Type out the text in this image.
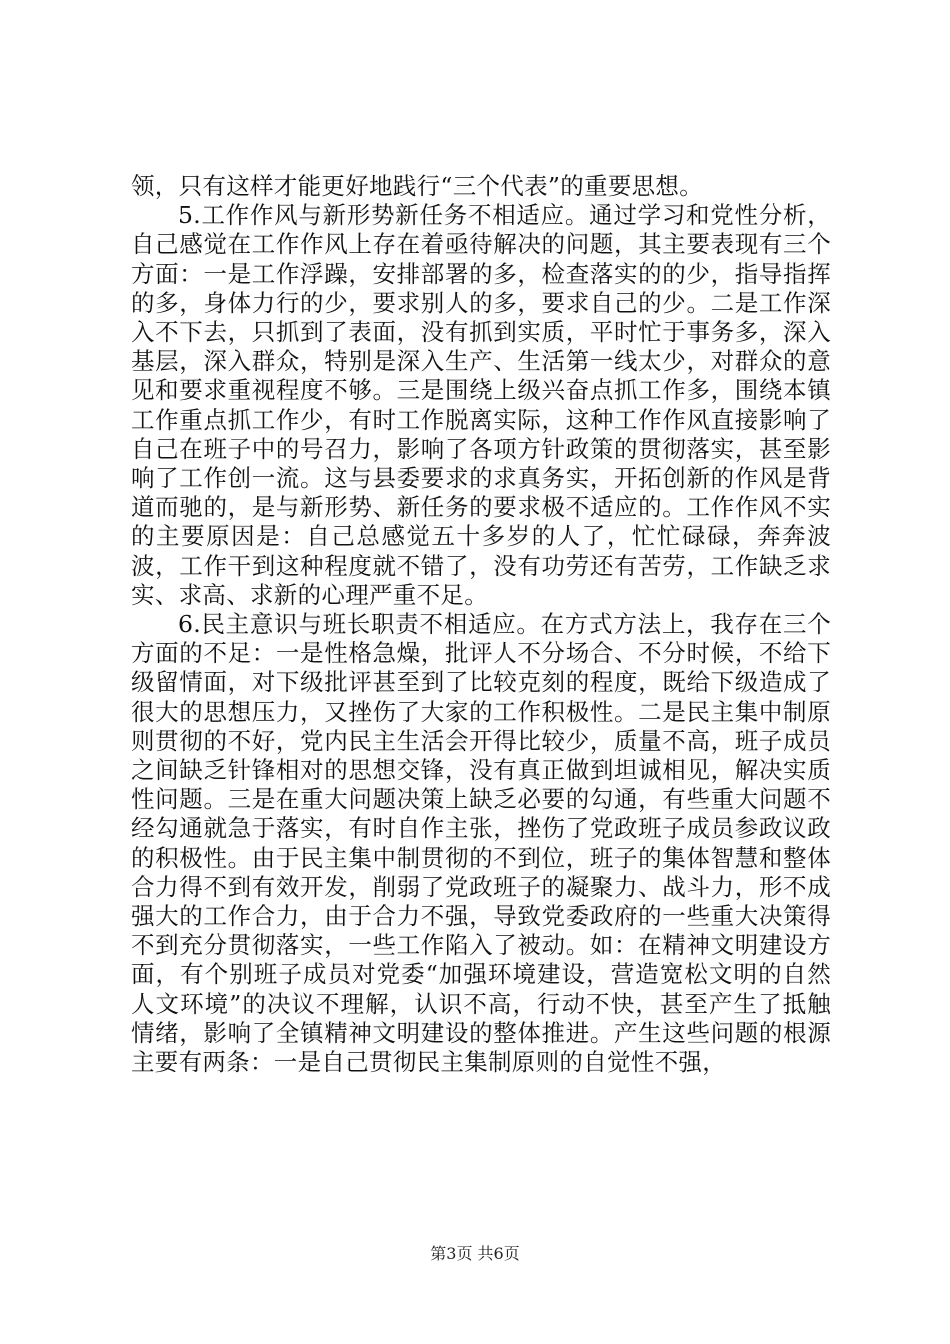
领，只有这样才能更好地践行“三个代表”的重要思想。

5.工作作风与新形势新任务不相适应。通过学习和党性分析，自己感觉在工作作风上存在着亟待解决的问题，其主要表现有三个方面：一是工作浮躁，安排部署的多，检查落实的的少，指导指挥的多，身体力行的少，要求别人的多，要求自己的少。二是工作深入不下去，只抓到了表面，没有抓到实质，平时忙于事务多，深入基层，深入群众，特别是深入生产、生活第一线太少，对群众的意见和要求重视程度不够。三是围绕上级兴奋点抓工作多，围绕本镇工作重点抓工作少，有时工作脱离实际，这种工作作风直接影响了自己在班子中的号召力，影响了各项方针政策的贯彻落实，甚至影响了工作创一流。这与县委要求的求真务实，开拓创新的作风是背道而驰的，是与新形势、新任务的要求极不适应的。工作作风不实的主要原因是：自己总感觉五十多岁的人了，忙忙碌碌，奔奔波波，工作干到这种程度就不错了，没有功劳还有苦劳，工作缺乏求实、求高、求新的心理严重不足。

6.民主意识与班长职责不相适应。在方式方法上，我存在三个方面的不足：一是性格急燥，批评人不分场合、不分时候，不给下级留情面，对下级批评甚至到了比较克刻的程度，既给下级造成了很大的思想压力，又挫伤了大家的工作积极性。二是民主集中制原则贯彻的不好，党内民主生活会开得比较少，质量不高，班子成员之间缺乏针锋相对的思想交锋，没有真正做到坦诚相见，解决实质性问题。三是在重大问题决策上缺乏必要的勾通，有些重大问题不经勾通就急于落实，有时自作主张，挫伤了党政班子成员参政议政的积极性。由于民主集中制贯彻的不到位，班子的集体智慧和整体合力得不到有效开发，削弱了党政班子的凝聚力、战斗力，形不成强大的工作合力，由于合力不强，导致党委政府的一些重大决策得不到充分贯彻落实，一些工作陷入了被动。如：在精神文明建设方面，有个别班子成员对党委“加强环境建设，营造宽松文明的自然人文环境”的决议不理解，认识不高，行动不快，甚至产生了抵触情绪，影响了全镇精神文明建设的整体推进。产生这些问题的根源主要有两条：一是自己贯彻民主集制原则的自觉性不强，

第3页 共6页
